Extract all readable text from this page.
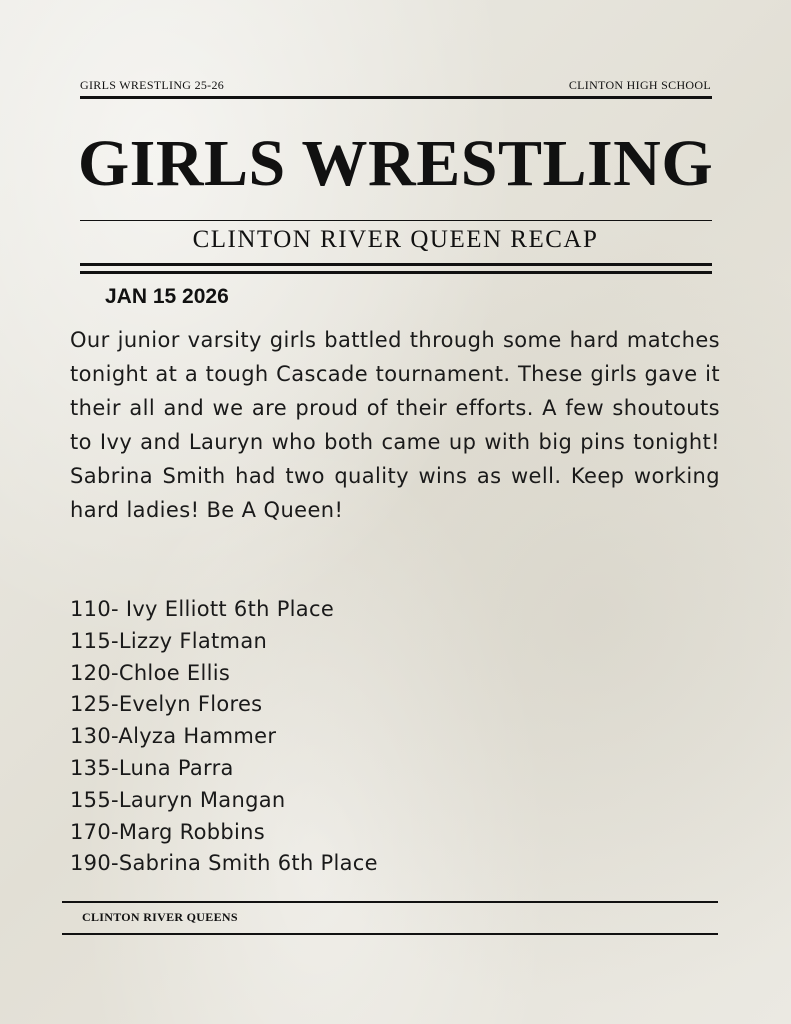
GIRLS WRESTLING 25-26	CLINTON HIGH SCHOOL
GIRLS WRESTLING
CLINTON RIVER QUEEN RECAP
JAN 15 2026
Our junior varsity girls battled through some hard matches tonight at a tough Cascade tournament. These girls gave it their all and we are proud of their efforts. A few shoutouts to Ivy and Lauryn who both came up with big pins tonight! Sabrina Smith had two quality wins as well. Keep working hard ladies! Be A Queen!
110- Ivy Elliott 6th Place
115-Lizzy Flatman
120-Chloe Ellis
125-Evelyn Flores
130-Alyza Hammer
135-Luna Parra
155-Lauryn Mangan
170-Marg Robbins
190-Sabrina Smith 6th Place
CLINTON RIVER QUEENS
